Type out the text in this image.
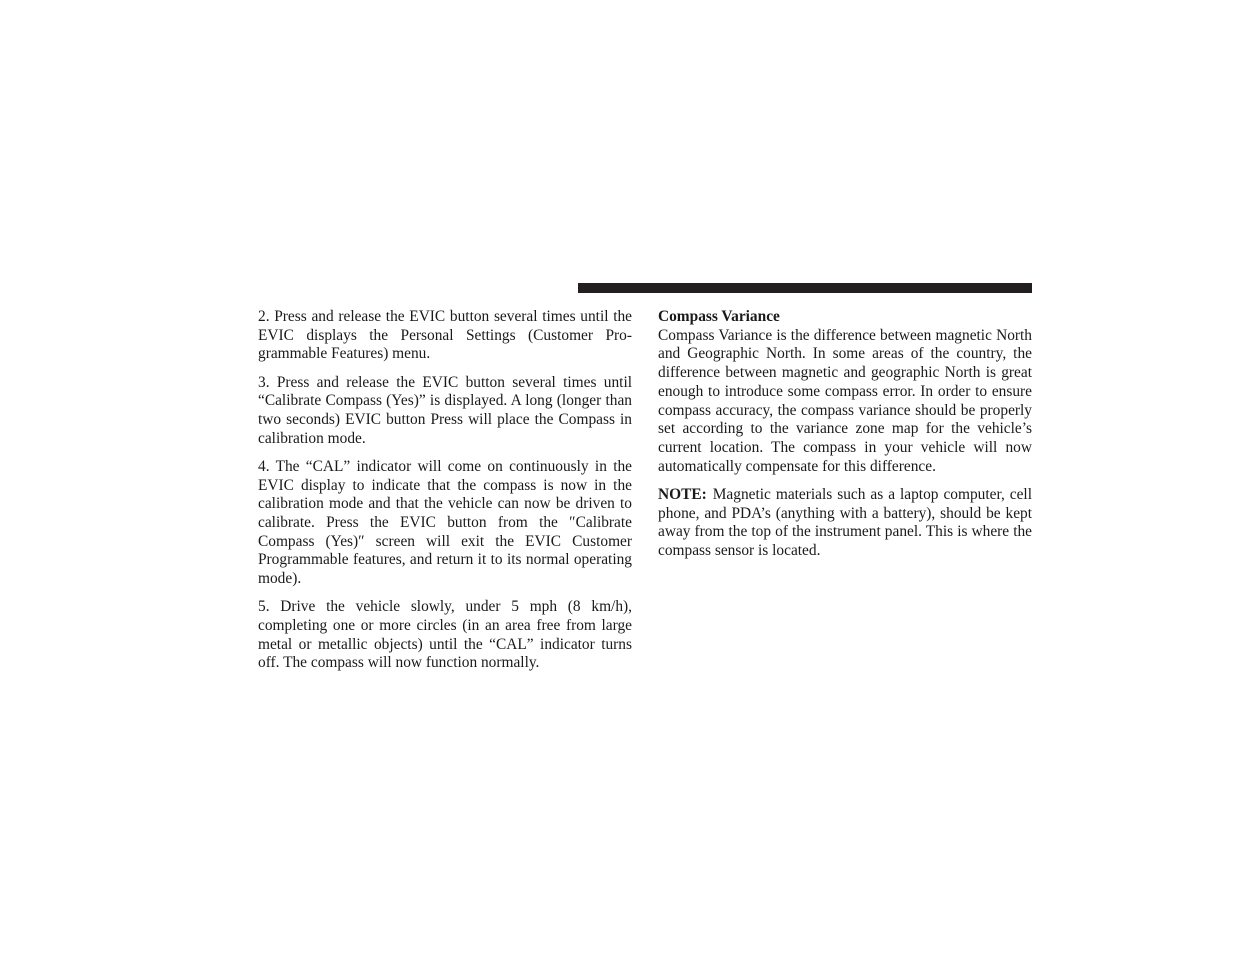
2. Press and release the EVIC button several times until the EVIC displays the Personal Settings (Customer Programmable Features) menu.

3. Press and release the EVIC button several times until “Calibrate Compass (Yes)” is displayed. A long (longer than two seconds) EVIC button Press will place the Compass in calibration mode.

4. The “CAL” indicator will come on continuously in the EVIC display to indicate that the compass is now in the calibration mode and that the vehicle can now be driven to calibrate. Press the EVIC button from the ″Calibrate Compass (Yes)″ screen will exit the EVIC Customer Programmable features, and return it to its normal operating mode).

5. Drive the vehicle slowly, under 5 mph (8 km/h), completing one or more circles (in an area free from large metal or metallic objects) until the “CAL” indicator turns off. The compass will now function normally.

Compass Variance

Compass Variance is the difference between magnetic North and Geographic North. In some areas of the country, the difference between magnetic and geographic North is great enough to introduce some compass error. In order to ensure compass accuracy, the compass variance should be properly set according to the variance zone map for the vehicle’s current location. The compass in your vehicle will now automatically compensate for this difference.

NOTE: Magnetic materials such as a laptop computer, cell phone, and PDA’s (anything with a battery), should be kept away from the top of the instrument panel. This is where the compass sensor is located.
